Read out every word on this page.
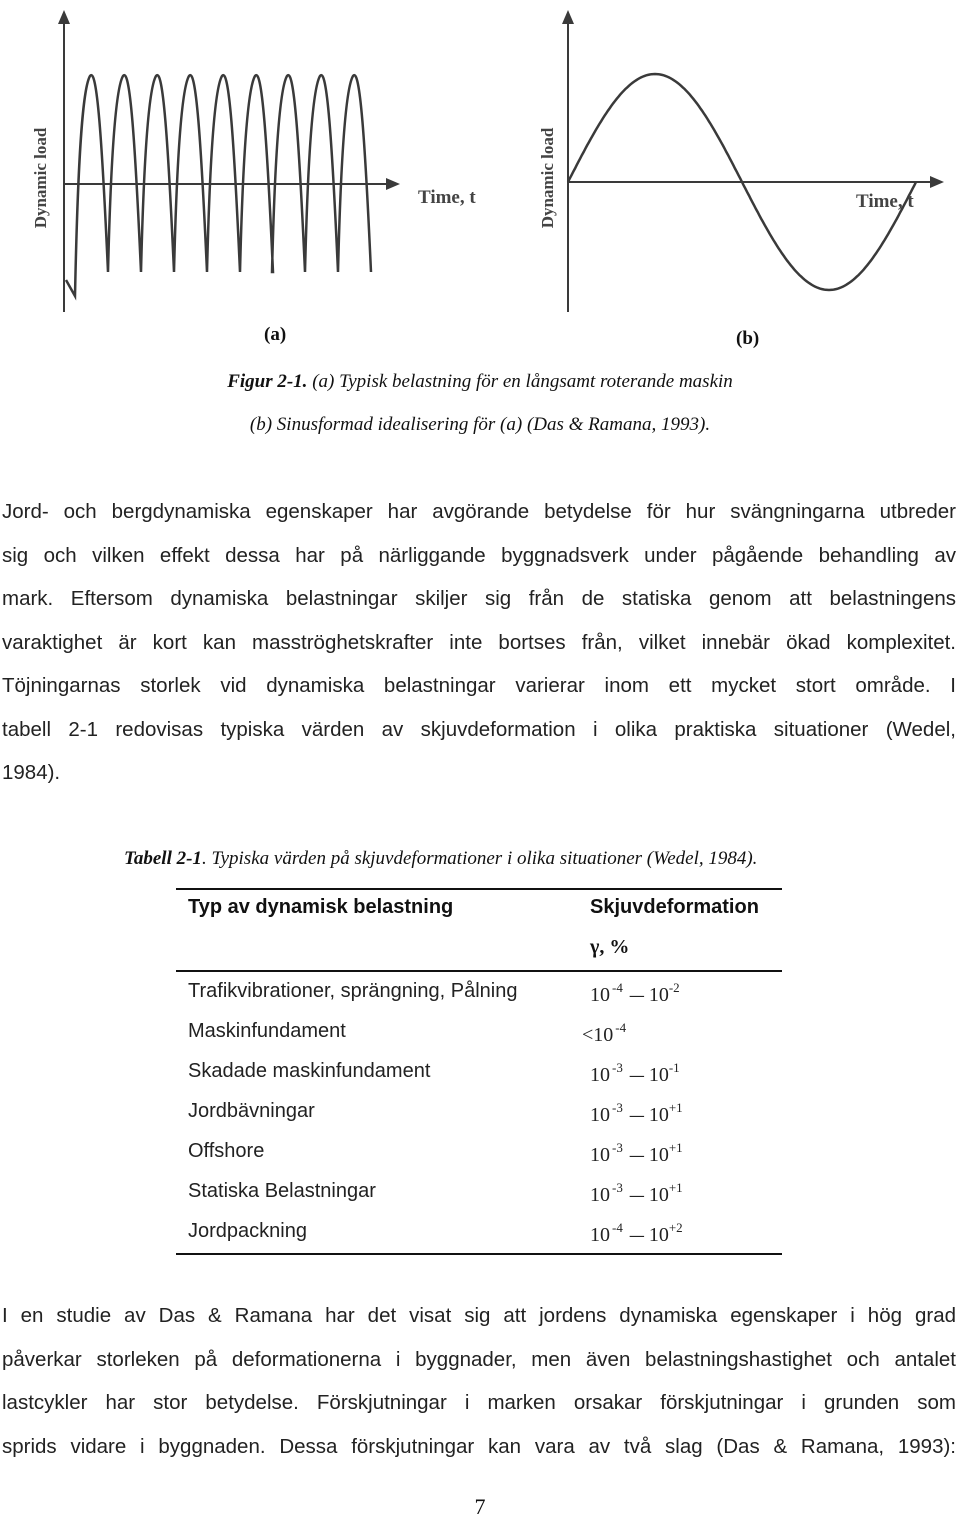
Dynamic load	Time, t	Dynamic load	Time, t
(a)	(b)
Figur 2-1. (a) Typisk belastning för en långsamt roterande maskin
(b) Sinusformad idealisering för (a) (Das & Ramana, 1993).
Jord- och bergdynamiska egenskaper har avgörande betydelse för hur svängningarna utbreder
sig och vilken effekt dessa har på närliggande byggnadsverk under pågående behandling av
mark. Eftersom dynamiska belastningar skiljer sig från de statiska genom att belastningens
varaktighet är kort kan masströghetskrafter inte bortses från, vilket innebär ökad komplexitet.
Töjningarnas storlek vid dynamiska belastningar varierar inom ett mycket stort område. I
tabell 2-1 redovisas typiska värden av skjuvdeformation i olika praktiska situationer (Wedel,
1984).
Tabell 2-1. Typiska värden på skjuvdeformationer i olika situationer (Wedel, 1984).
Typ av dynamisk belastning	Skjuvdeformation
γ, %
Trafikvibrationer, sprängning, Pålning	10 $^{-4}$ — $10^{-2}$
Maskinfundament	<10 $^{-4}$
Skadade maskinfundament	10 $^{-3}$ — $10^{-1}$
Jordbävningar	10 $^{-3}$ — $10^{+1}$
Offshore	10 $^{-3}$ — $10^{+1}$
Statiska Belastningar	10 $^{-3}$ — $10^{+1}$
Jordpackning	10 $^{-4}$ — $10^{+2}$
I en studie av Das & Ramana har det visat sig att jordens dynamiska egenskaper i hög grad
påverkar storleken på deformationerna i byggnader, men även belastningshastighet och antalet
lastcykler har stor betydelse. Förskjutningar i marken orsakar förskjutningar i grunden som
sprids vidare i byggnaden. Dessa förskjutningar kan vara av två slag (Das & Ramana, 1993):
7
